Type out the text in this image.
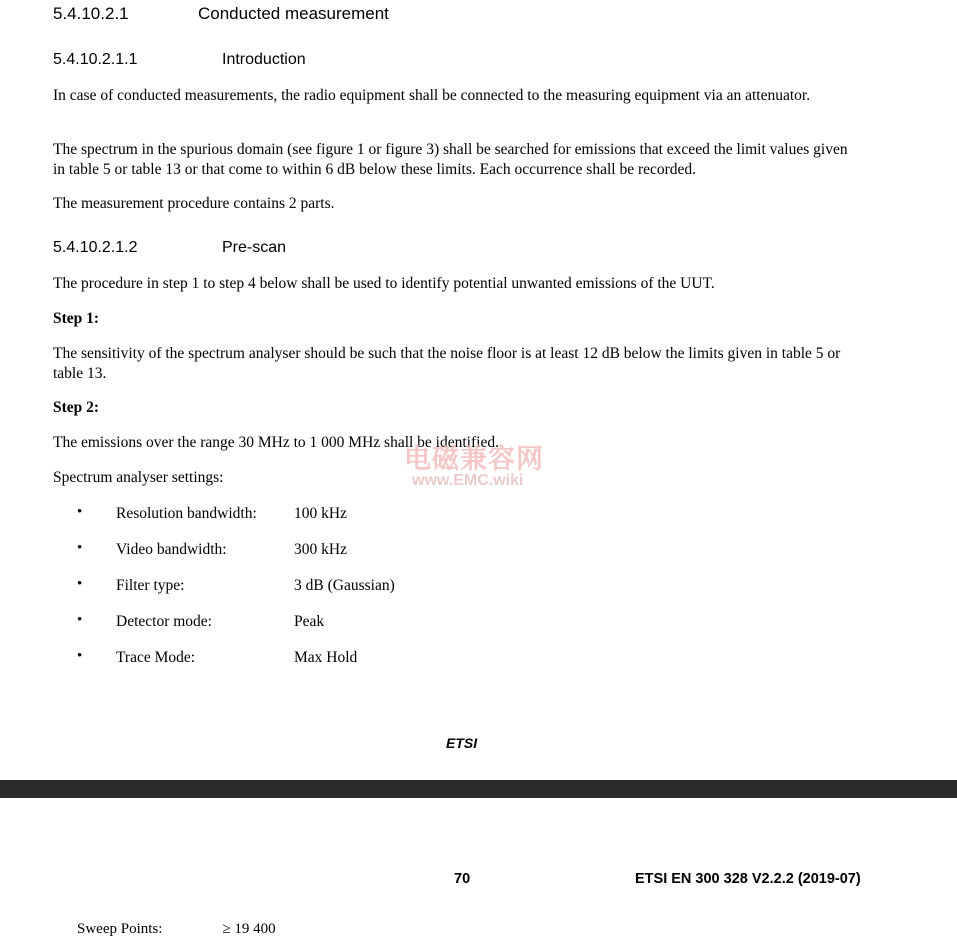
5.4.10.2.1	Conducted measurement
5.4.10.2.1.1	Introduction
In case of conducted measurements, the radio equipment shall be connected to the measuring equipment via an attenuator.
The spectrum in the spurious domain (see figure 1 or figure 3) shall be searched for emissions that exceed the limit values given in table 5 or table 13 or that come to within 6 dB below these limits. Each occurrence shall be recorded.
The measurement procedure contains 2 parts.
5.4.10.2.1.2	Pre-scan
The procedure in step 1 to step 4 below shall be used to identify potential unwanted emissions of the UUT.
Step 1:
The sensitivity of the spectrum analyser should be such that the noise floor is at least 12 dB below the limits given in table 5 or table 13.
Step 2:
The emissions over the range 30 MHz to 1 000 MHz shall be identified.
Spectrum analyser settings:
电磁兼容网
www.EMC.wiki
• Resolution bandwidth:	100 kHz
• Video bandwidth:	300 kHz
• Filter type:	3 dB (Gaussian)
• Detector mode:	Peak
• Trace Mode:	Max Hold
ETSI
70	ETSI EN 300 328 V2.2.2 (2019-07)
Sweep Points:                ≥ 19 400
